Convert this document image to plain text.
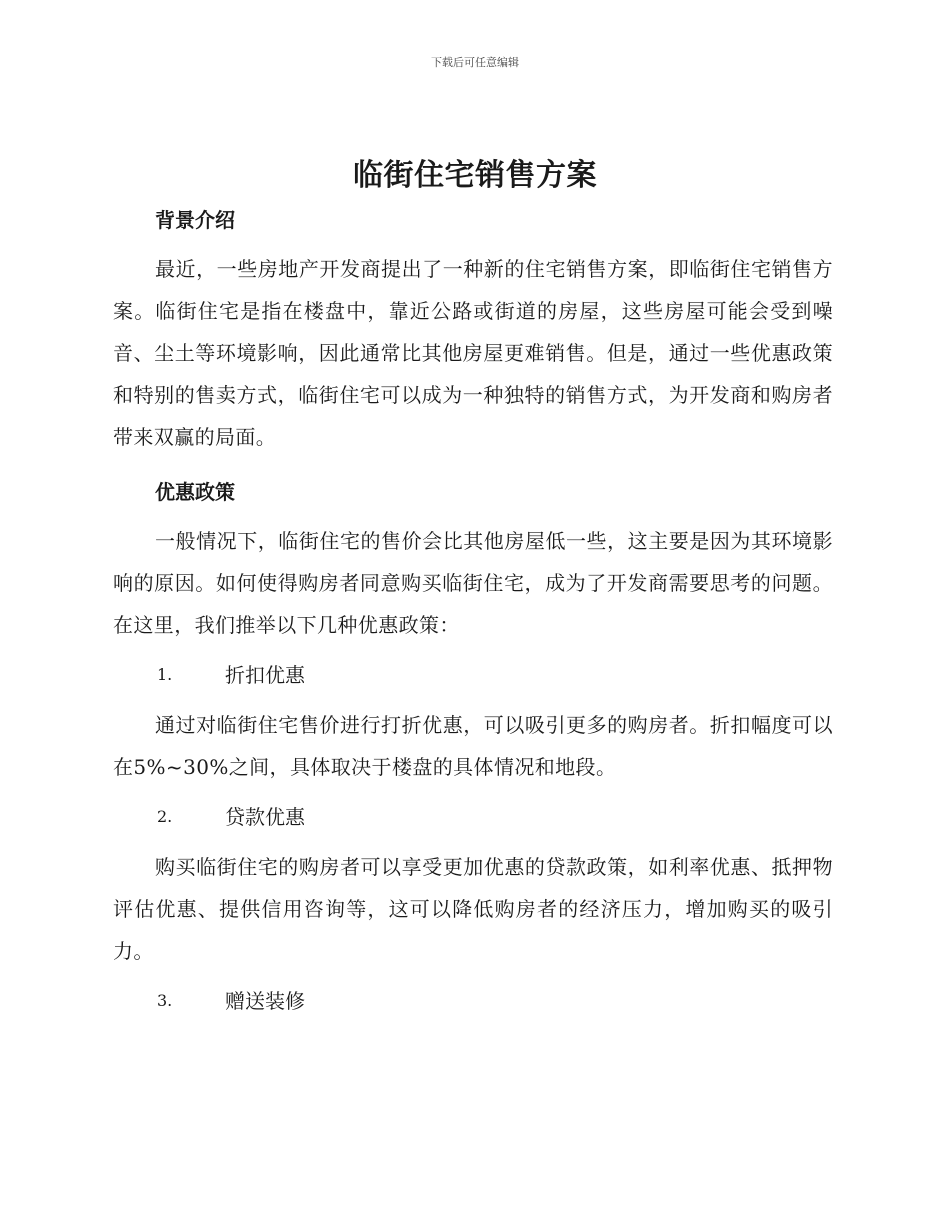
下载后可任意编辑
临街住宅销售方案
背景介绍

最近，一些房地产开发商提出了一种新的住宅销售方案，即临街住宅销售方案。临街住宅是指在楼盘中，靠近公路或街道的房屋，这些房屋可能会受到噪音、尘土等环境影响，因此通常比其他房屋更难销售。但是，通过一些优惠政策和特别的售卖方式，临街住宅可以成为一种独特的销售方式，为开发商和购房者带来双赢的局面。

优惠政策

一般情况下，临街住宅的售价会比其他房屋低一些，这主要是因为其环境影响的原因。如何使得购房者同意购买临街住宅，成为了开发商需要思考的问题。在这里，我们推举以下几种优惠政策：

1.	折扣优惠

通过对临街住宅售价进行打折优惠，可以吸引更多的购房者。折扣幅度可以在5%~30%之间，具体取决于楼盘的具体情况和地段。

2.	贷款优惠

购买临街住宅的购房者可以享受更加优惠的贷款政策，如利率优惠、抵押物评估优惠、提供信用咨询等，这可以降低购房者的经济压力，增加购买的吸引力。

3.	赠送装修
